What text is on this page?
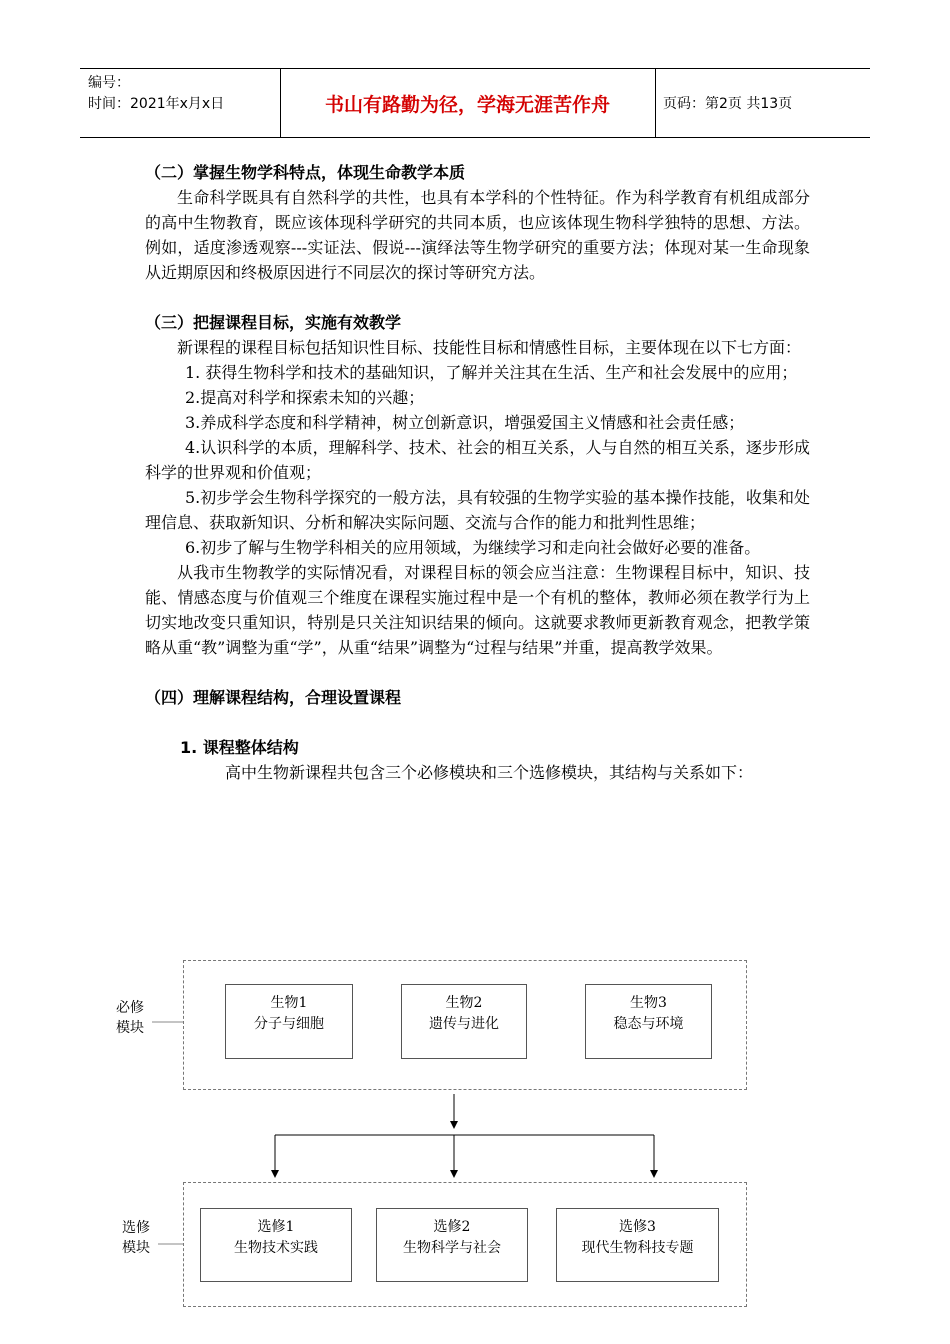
编号：
时间：2021年x月x日	书山有路勤为径，学海无涯苦作舟	页码：第2页 共13页
（二）掌握生物学科特点，体现生命教学本质

生命科学既具有自然科学的共性，也具有本学科的个性特征。作为科学教育有机组成部分的高中生物教育，既应该体现科学研究的共同本质，也应该体现生物科学独特的思想、方法。例如，适度渗透观察---实证法、假说---演绎法等生物学研究的重要方法；体现对某一生命现象从近期原因和终极原因进行不同层次的探讨等研究方法。

（三）把握课程目标，实施有效教学

新课程的课程目标包括知识性目标、技能性目标和情感性目标，主要体现在以下七方面：

1. 获得生物科学和技术的基础知识，了解并关注其在生活、生产和社会发展中的应用；

2.提高对科学和探索未知的兴趣；

3.养成科学态度和科学精神，树立创新意识，增强爱国主义情感和社会责任感；

4.认识科学的本质，理解科学、技术、社会的相互关系，人与自然的相互关系，逐步形成科学的世界观和价值观；

5.初步学会生物科学探究的一般方法，具有较强的生物学实验的基本操作技能，收集和处理信息、获取新知识、分析和解决实际问题、交流与合作的能力和批判性思维；

6.初步了解与生物学科相关的应用领域，为继续学习和走向社会做好必要的准备。

从我市生物教学的实际情况看，对课程目标的领会应当注意：生物课程目标中，知识、技能、情感态度与价值观三个维度在课程实施过程中是一个有机的整体，教师必须在教学行为上切实地改变只重知识，特别是只关注知识结果的倾向。这就要求教师更新教育观念，把教学策略从重“教”调整为重“学”，从重“结果”调整为“过程与结果”并重，提高教学效果。

（四）理解课程结构，合理设置课程
1. 课程整体结构

高中生物新课程共包含三个必修模块和三个选修模块，其结构与关系如下：

必修
模块
生物1
分子与细胞
生物2
遗传与进化
生物3
稳态与环境
选修
模块
选修1
生物技术实践
选修2
生物科学与社会
选修3
现代生物科技专题
